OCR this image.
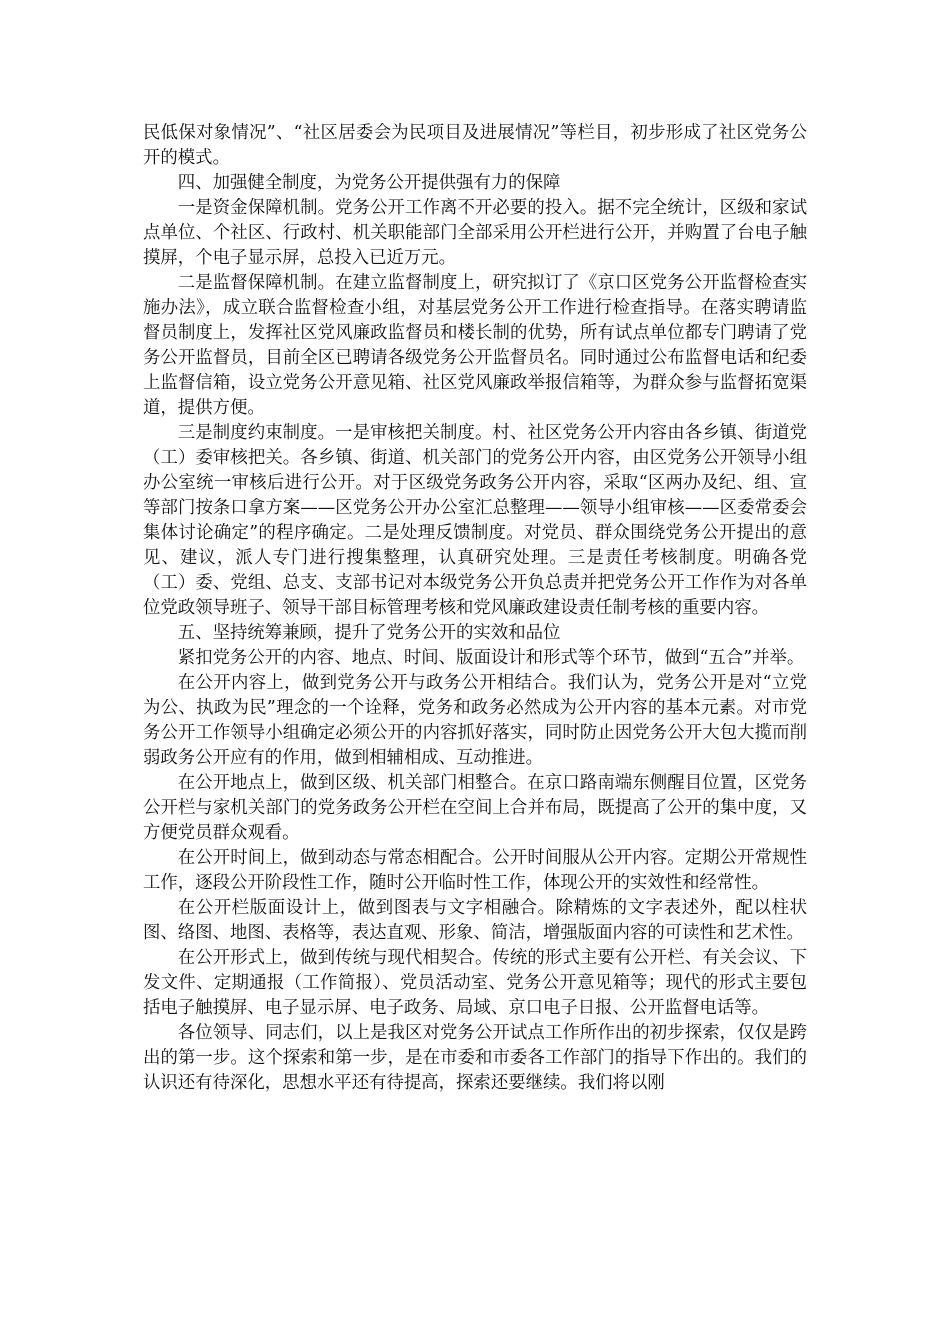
民低保对象情况”、“社区居委会为民项目及进展情况”等栏目，初步形成了社区党务公开的模式。

四、加强健全制度，为党务公开提供强有力的保障

一是资金保障机制。党务公开工作离不开必要的投入。据不完全统计，区级和家试点单位、个社区、行政村、机关职能部门全部采用公开栏进行公开，并购置了台电子触摸屏，个电子显示屏，总投入已近万元。

二是监督保障机制。在建立监督制度上，研究拟订了《京口区党务公开监督检查实施办法》，成立联合监督检查小组，对基层党务公开工作进行检查指导。在落实聘请监督员制度上，发挥社区党风廉政监督员和楼长制的优势，所有试点单位都专门聘请了党务公开监督员，目前全区已聘请各级党务公开监督员名。同时通过公布监督电话和纪委上监督信箱，设立党务公开意见箱、社区党风廉政举报信箱等，为群众参与监督拓宽渠道，提供方便。

三是制度约束制度。一是审核把关制度。村、社区党务公开内容由各乡镇、街道党（工）委审核把关。各乡镇、街道、机关部门的党务公开内容，由区党务公开领导小组办公室统一审核后进行公开。对于区级党务政务公开内容，采取“区两办及纪、组、宣等部门按条口拿方案——区党务公开办公室汇总整理——领导小组审核——区委常委会集体讨论确定”的程序确定。二是处理反馈制度。对党员、群众围绕党务公开提出的意见、建议，派人专门进行搜集整理，认真研究处理。三是责任考核制度。明确各党（工）委、党组、总支、支部书记对本级党务公开负总责并把党务公开工作作为对各单位党政领导班子、领导干部目标管理考核和党风廉政建设责任制考核的重要内容。

五、坚持统筹兼顾，提升了党务公开的实效和品位

紧扣党务公开的内容、地点、时间、版面设计和形式等个环节，做到“五合”并举。

在公开内容上，做到党务公开与政务公开相结合。我们认为，党务公开是对“立党为公、执政为民”理念的一个诠释，党务和政务必然成为公开内容的基本元素。对市党务公开工作领导小组确定必须公开的内容抓好落实，同时防止因党务公开大包大揽而削弱政务公开应有的作用，做到相辅相成、互动推进。

在公开地点上，做到区级、机关部门相整合。在京口路南端东侧醒目位置，区党务公开栏与家机关部门的党务政务公开栏在空间上合并布局，既提高了公开的集中度，又方便党员群众观看。

在公开时间上，做到动态与常态相配合。公开时间服从公开内容。定期公开常规性工作，逐段公开阶段性工作，随时公开临时性工作，体现公开的实效性和经常性。

在公开栏版面设计上，做到图表与文字相融合。除精炼的文字表述外，配以柱状图、络图、地图、表格等，表达直观、形象、简洁，增强版面内容的可读性和艺术性。

在公开形式上，做到传统与现代相契合。传统的形式主要有公开栏、有关会议、下发文件、定期通报（工作简报）、党员活动室、党务公开意见箱等；现代的形式主要包括电子触摸屏、电子显示屏、电子政务、局域、京口电子日报、公开监督电话等。

各位领导、同志们，以上是我区对党务公开试点工作所作出的初步探索，仅仅是跨出的第一步。这个探索和第一步，是在市委和市委各工作部门的指导下作出的。我们的认识还有待深化，思想水平还有待提高，探索还要继续。我们将以刚
